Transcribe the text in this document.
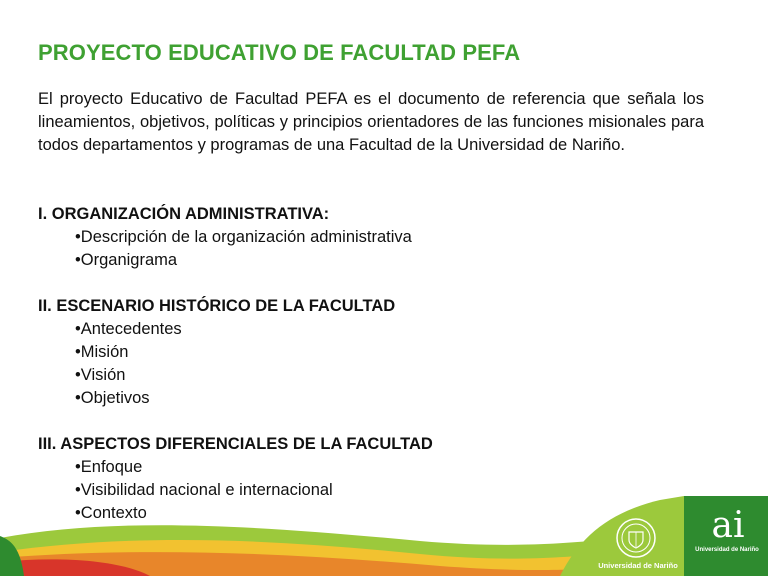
PROYECTO EDUCATIVO DE FACULTAD PEFA

El proyecto Educativo de Facultad PEFA es el documento de referencia que señala los lineamientos, objetivos, políticas y principios orientadores de las funciones misionales para todos departamentos y programas de una Facultad de la Universidad de Nariño.

I. ORGANIZACIÓN ADMINISTRATIVA:
•Descripción de la organización administrativa
•Organigrama
II. ESCENARIO HISTÓRICO DE LA FACULTAD
•Antecedentes
•Misión
•Visión
•Objetivos
III. ASPECTOS DIFERENCIALES DE LA FACULTAD
•Enfoque
•Visibilidad nacional e internacional
•Contexto
Universidad de Nariño
ai
Universidad de Nariño
